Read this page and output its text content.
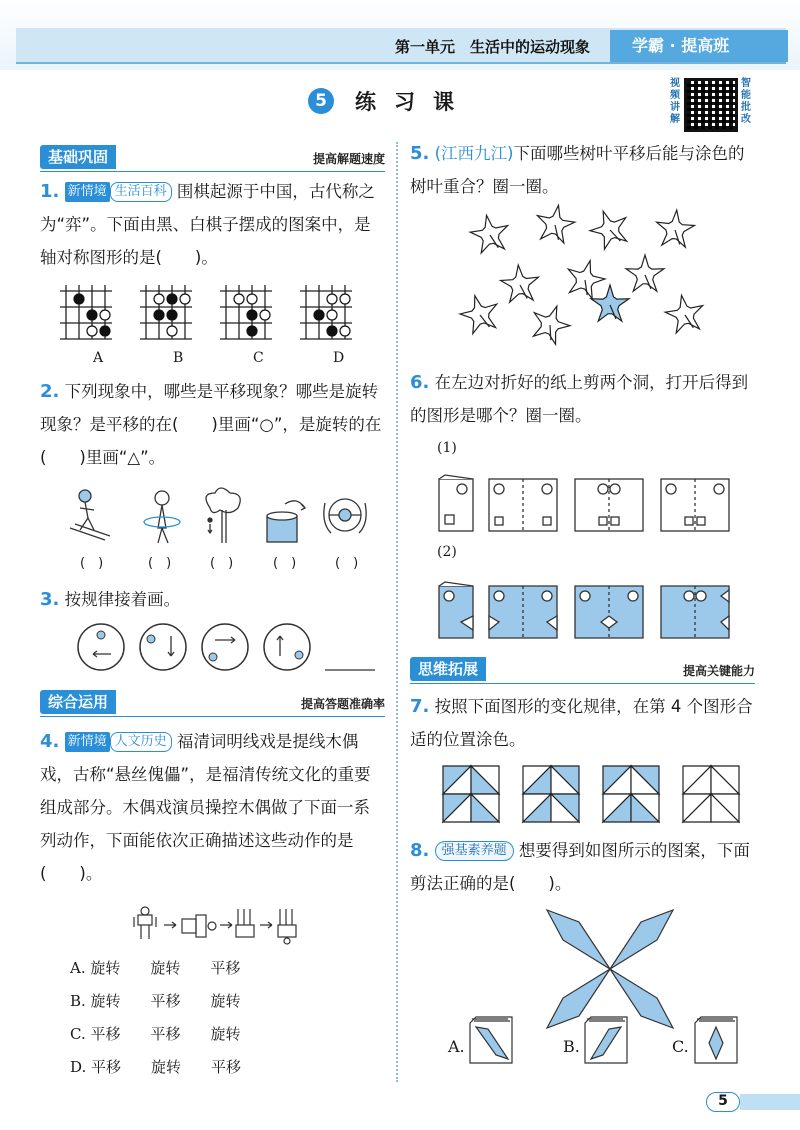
第一单元　生活中的运动现象	学霸 · 提高班
5	练习课
视频讲解
智能批改
基础巩固	提高解题速度
1. 新情境 生活百科 围棋起源于中国，古代称之为“弈”。下面由黑、白棋子摆成的图案中，是轴对称图形的是(　　)。
A	B	C	D
2. 下列现象中，哪些是平移现象？哪些是旋转现象？是平移的在(　　)里画“○”，是旋转的在(　　)里画“△”。
(　)	(　)	(　)	(　)	(　)
3. 按规律接着画。
综合运用	提高答题准确率
4. 新情境 人文历史 福清词明线戏是提线木偶戏，古称“悬丝傀儡”，是福清传统文化的重要组成部分。木偶戏演员操控木偶做了下面一系列动作，下面能依次正确描述这些动作的是(　　)。
A. 旋转　　旋转　　平移
B. 旋转　　平移　　旋转
C. 平移　　平移　　旋转
D. 平移　　旋转　　平移
5. (江西九江)下面哪些树叶平移后能与涂色的树叶重合？圈一圈。
6. 在左边对折好的纸上剪两个洞，打开后得到的图形是哪个？圈一圈。
(1)
(2)
思维拓展	提高关键能力
7. 按照下面图形的变化规律，在第 4 个图形合适的位置涂色。
8. 强基素养题 想要得到如图所示的图案，下面剪法正确的是(　　)。
A.	B.	C.
5
